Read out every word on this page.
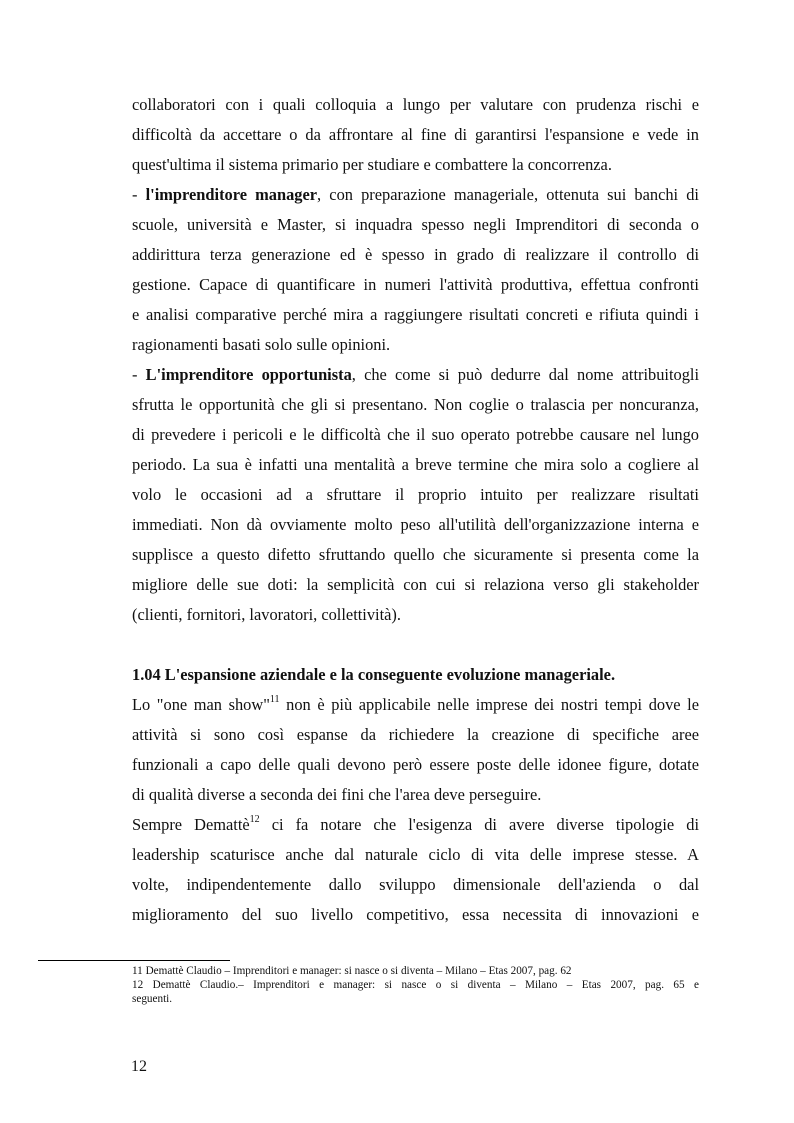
collaboratori con i quali colloquia a lungo per valutare con prudenza rischi e
difficoltà da accettare o da affrontare al fine di garantirsi l'espansione e vede in
quest'ultima il sistema primario per studiare e combattere la concorrenza.
- l'imprenditore manager, con preparazione manageriale, ottenuta sui banchi di
scuole, università e Master, si inquadra spesso negli Imprenditori di seconda o
addirittura terza generazione ed è spesso in grado di realizzare il controllo di
gestione. Capace di quantificare in numeri l'attività produttiva, effettua confronti
e analisi comparative perché mira a raggiungere risultati concreti e rifiuta quindi i
ragionamenti basati solo sulle opinioni.
- L'imprenditore opportunista, che come si può dedurre dal nome attribuitogli
sfrutta le opportunità che gli si presentano. Non coglie o tralascia per noncuranza,
di prevedere i pericoli e le difficoltà che il suo operato potrebbe causare nel lungo
periodo. La sua è infatti una mentalità a breve termine che mira solo a cogliere al
volo le occasioni ad a sfruttare il proprio intuito per realizzare risultati
immediati. Non dà ovviamente molto peso all'utilità dell'organizzazione interna e
supplisce a questo difetto sfruttando quello che sicuramente si presenta come la
migliore delle sue doti: la semplicità con cui si relaziona verso gli stakeholder
(clienti, fornitori, lavoratori, collettività).
1.04 L'espansione aziendale e la conseguente evoluzione manageriale.
Lo "one man show"$^{11}$ non è più applicabile nelle imprese dei nostri tempi dove le
attività si sono così espanse da richiedere la creazione di specifiche aree
funzionali a capo delle quali devono però essere poste delle idonee figure, dotate
di qualità diverse a seconda dei fini che l'area deve perseguire.
Sempre Demattè$^{12}$ ci fa notare che l'esigenza di avere diverse tipologie di
leadership scaturisce anche dal naturale ciclo di vita delle imprese stesse. A
volte, indipendentemente dallo sviluppo dimensionale dell'azienda o dal
miglioramento del suo livello competitivo, essa necessita di innovazioni e
11 Demattè Claudio – Imprenditori e manager: si nasce o si diventa – Milano – Etas 2007, pag. 62
12 Demattè Claudio.– Imprenditori e manager: si nasce o si diventa – Milano – Etas 2007, pag. 65 e
seguenti.
12
